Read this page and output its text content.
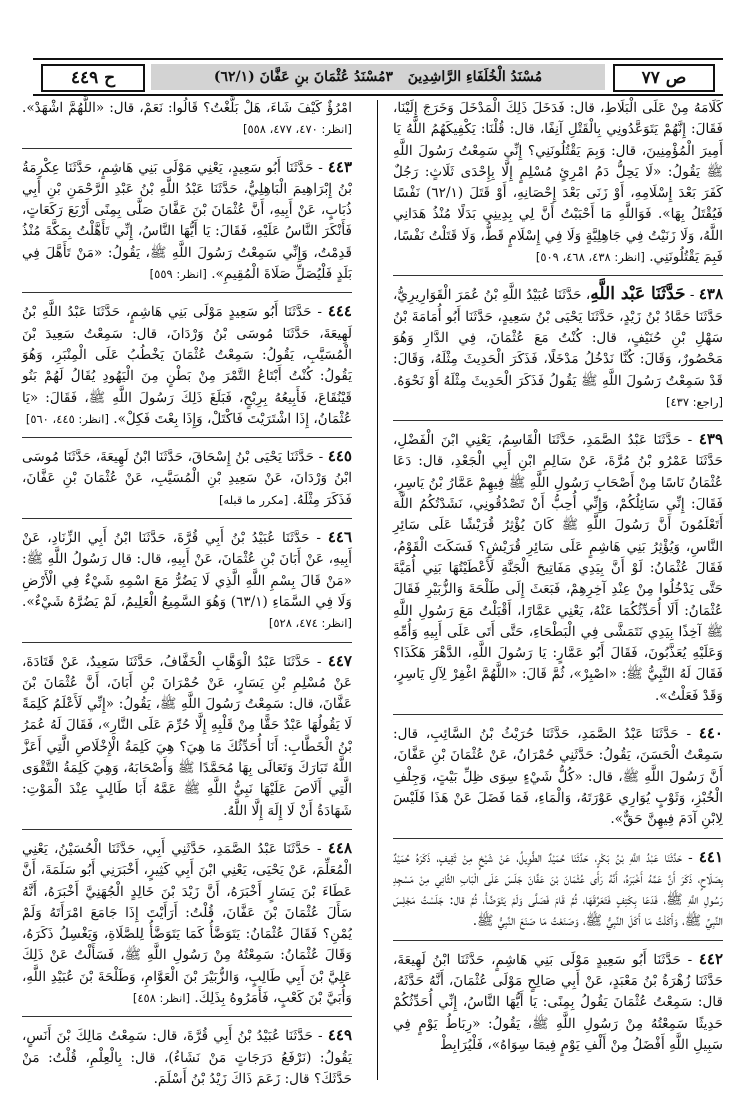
ص ٧٧
مُسْنَدُ الْخُلَفَاءِ الرَّاشِدِينَ   ٣مُسْنَدُ عُثْمَانَ بنِ عَفَّانَ (٦٢/١)
ح ٤٤٩
كَلَامَهُ مِنْ عَلَى الْبَلَاطِ، قال: فَدَخَلَ ذَلِكَ الْمَدْخَلَ وَخَرَجَ إِلَيْنَا، فَقَالَ: إِنَّهُمْ يَتَوَعَّدُونِي بِالْقَتْلِ آنِفًا، قال: قُلْنَا: يَكْفِيكَهُمُ اللَّهُ يَا أَمِيرَ الْمُؤْمِنِينَ، قال: وَبِمَ يَقْتُلُونَنِي؟ إِنِّي سَمِعْتُ رَسُولَ اللَّهِ ﷺ يَقُولُ: «لَا يَحِلُّ دَمُ امْرِئٍ مُسْلِمٍ إِلَّا بِإِحْدَى ثَلَاثٍ: رَجُلٌ كَفَرَ بَعْدَ إِسْلَامِهِ، أَوْ زَنَى بَعْدَ إِحْصَانِهِ، أَوْ قَتَلَ (٦٢/١) نَفْسًا فَيُقْتَلُ بِهَا». فَوَاللَّهِ مَا أَحْبَبْتُ أَنَّ لِي بِدِينِي بَدَلًا مُنْذُ هَدَانِي اللَّهُ، وَلَا زَنَيْتُ فِي جَاهِلِيَّةٍ وَلَا فِي إِسْلَامٍ قَطُّ، وَلَا قَتَلْتُ نَفْسًا، فَبِمَ يَقْتُلُونَنِي. [انظر: ٤٣٨، ٤٦٨، ٥٠٩]
٤٣٨ - حَدَّثَنَا عَبْد اللَّهِ، حَدَّثَنَا عُبَيْدُ اللَّهِ بْنُ عُمَرَ الْقَوَارِيرِيُّ، حَدَّثَنَا حَمَّادُ بْنُ زَيْدٍ، حَدَّثَنَا يَحْيَى بْنُ سَعِيدٍ، حَدَّثَنَا أَبُو أُمَامَةَ بْنُ سَهْلِ بْنِ حُنَيْفٍ، قال: كُنْتُ مَعَ عُثْمَانَ، فِي الدَّارِ وَهُوَ مَحْصُورٌ، وَقَالَ: كُنَّا نَدْخُلُ مَدْخَلًا، فَذَكَرَ الْحَدِيثَ مِثْلَهُ، وَقَالَ: قَدْ سَمِعْتُ رَسُولَ اللَّهِ ﷺ يَقُولُ فَذَكَرَ الْحَدِيثَ مِثْلَهُ أَوْ نَحْوَهُ. [راجع: ٤٣٧]
٤٣٩ - حَدَّثَنَا عَبْدُ الصَّمَدِ، حَدَّثَنَا الْقَاسِمُ، يَعْنِي ابْنَ الْفَضْلِ، حَدَّثَنَا عَمْرُو بْنُ مُرَّةَ، عَنْ سَالِمِ ابْنِ أَبِي الْجَعْدِ، قال: دَعَا عُثْمَانُ نَاسًا مِنْ أَصْحَابِ رَسُولِ اللَّهِ ﷺ فِيهِمْ عَمَّارُ بْنُ يَاسِرٍ، فَقَالَ: إِنِّي سَائِلُكُمْ، وَإِنِّي أُحِبُّ أَنْ تَصْدُقُونِي، نَشَدْتُكُمُ اللَّهَ أَتَعْلَمُونَ أَنَّ رَسُولَ اللَّهِ ﷺ كَانَ يُؤْثِرُ قُرَيْشًا عَلَى سَائِرِ النَّاسِ، وَيُؤْثِرُ بَنِي هَاشِمٍ عَلَى سَائِرِ قُرَيْشٍ؟ فَسَكَتَ الْقَوْمُ، فَقَالَ عُثْمَانُ: لَوْ أَنَّ بِيَدِي مَفَاتِيحَ الْجَنَّةِ لَأَعْطَيْتُهَا بَنِي أُمَيَّةَ حَتَّى يَدْخُلُوا مِنْ عِنْدِ آخِرِهِمْ، فَبَعَثَ إِلَى طَلْحَةَ وَالزُّبَيْرِ فَقَالَ عُثْمَانُ: أَلَا أُحَدِّثُكُمَا عَنْهُ، يَعْنِي عَمَّارًا، أَقْبَلْتُ مَعَ رَسُولِ اللَّهِ ﷺ آخِذًا بِيَدِي نَتَمَشَّى فِي الْبَطْحَاءِ، حَتَّى أَتَى عَلَى أَبِيهِ وَأُمِّهِ وَعَلَيْهِ يُعَذَّبُونَ، فَقَالَ أَبُو عَمَّارٍ: يَا رَسُولَ اللَّهِ، الدَّهْرَ هَكَذَا؟ فَقَالَ لَهُ النَّبِيُّ ﷺ: «اصْبِرْ»، ثُمَّ قَالَ: «اللَّهُمَّ اغْفِرْ لِآلِ يَاسِرٍ، وَقَدْ فَعَلْتُ».
٤٤٠ - حَدَّثَنَا عَبْدُ الصَّمَدِ، حَدَّثَنَا حُرَيْثُ بْنُ السَّائِبِ، قال: سَمِعْتُ الْحَسَنَ، يَقُولُ: حَدَّثَنِي حُمْرَانُ، عَنْ عُثْمَانَ بْنِ عَفَّانَ، أَنَّ رَسُولَ اللَّهِ ﷺ، قال: «كُلُّ شَيْءٍ سِوَى ظِلِّ بَيْتٍ، وَجِلْفِ الْخُبْزِ، وَثَوْبٍ يُوَارِي عَوْرَتَهُ، وَالْمَاءِ، فَمَا فَضَلَ عَنْ هَذَا فَلَيْسَ لِابْنِ آدَمَ فِيهِنَّ حَقٌّ».
٤٤١ - حَدَّثَنَا عَبْدُ اللَّهِ بْنُ بَكْرٍ، حَدَّثَنَا حُمَيْدٌ الطَّوِيلُ، عَنْ شَيْخٍ مِنْ ثَقِيفٍ، ذَكَرَهُ حُمَيْدٌ بِصَلَاحٍ، ذَكَرَ أَنَّ عَمَّهُ أَخْبَرَهُ، أَنَّهُ رَأَى عُثْمَانَ بْنَ عَفَّانَ جَلَسَ عَلَى الْبَابِ الثَّانِي مِنْ مَسْجِدِ رَسُولِ اللَّهِ ﷺ، فَدَعَا بِكَتِفٍ فَتَعَرَّقَهَا، ثُمَّ قَامَ فَصَلَّى وَلَمْ يَتَوَضَّأْ، ثُمَّ قال: جَلَسْتُ مَجْلِسَ النَّبِيِّ ﷺ، وَأَكَلْتُ مَا أَكَلَ النَّبِيُّ ﷺ، وَصَنَعْتُ مَا صَنَعَ النَّبِيُّ ﷺ.
٤٤٢ - حَدَّثَنَا أَبُو سَعِيدٍ مَوْلَى بَنِي هَاشِمٍ، حَدَّثَنَا ابْنُ لَهِيعَةَ، حَدَّثَنَا زُهْرَةُ بْنُ مَعْبَدٍ، عَنْ أَبِي صَالِحٍ مَوْلَى عُثْمَانَ، أَنَّهُ حَدَّثَهُ، قال: سَمِعْتُ عُثْمَانَ يَقُولُ بِمِنًى: يَا أَيُّهَا النَّاسُ، إِنِّي أُحَدِّثُكُمْ حَدِيثًا سَمِعْتُهُ مِنْ رَسُولِ اللَّهِ ﷺ، يَقُولُ: «رِبَاطُ يَوْمٍ فِي سَبِيلِ اللَّهِ أَفْضَلُ مِنْ أَلْفِ يَوْمٍ فِيمَا سِوَاهُ»، فَلْيُرَابِطْ
امْرُؤٌ كَيْفَ شَاءَ، هَلْ بَلَّغْتُ؟ قَالُوا: نَعَمْ، قال: «اللَّهُمَّ اشْهَدْ». [انظر: ٤٧٠، ٤٧٧، ٥٥٨]
٤٤٣ - حَدَّثَنَا أَبُو سَعِيدٍ، يَعْنِي مَوْلَى بَنِي هَاشِمٍ، حَدَّثَنَا عِكْرِمَةُ بْنُ إِبْرَاهِيمَ الْبَاهِلِيُّ، حَدَّثَنَا عَبْدُ اللَّهِ بْنُ عَبْدِ الرَّحْمَنِ بْنِ أَبِي ذُبَابٍ، عَنْ أَبِيهِ، أَنَّ عُثْمَانَ بْنَ عَفَّانَ صَلَّى بِمِنًى أَرْبَعَ رَكَعَاتٍ، فَأَنْكَرَ النَّاسُ عَلَيْهِ، فَقَالَ: يَا أَيُّهَا النَّاسُ، إِنِّي تَأَهَّلْتُ بِمَكَّةَ مُنْذُ قَدِمْتُ، وَإِنِّي سَمِعْتُ رَسُولَ اللَّهِ ﷺ، يَقُولُ: «مَنْ تَأَهَّلَ فِي بَلَدٍ فَلْيُصَلِّ صَلَاةَ الْمُقِيمِ». [انظر: ٥٥٩]
٤٤٤ - حَدَّثَنَا أَبُو سَعِيدٍ مَوْلَى بَنِي هَاشِمٍ، حَدَّثَنَا عَبْدُ اللَّهِ بْنُ لَهِيعَةَ، حَدَّثَنَا مُوسَى بْنُ وَرْدَانَ، قال: سَمِعْتُ سَعِيدَ بْنَ الْمُسَيَّبِ، يَقُولُ: سَمِعْتُ عُثْمَانَ يَخْطُبُ عَلَى الْمِنْبَرِ، وَهُوَ يَقُولُ: كُنْتُ أَبْتَاعُ التَّمْرَ مِنْ بَطْنٍ مِنَ الْيَهُودِ يُقَالُ لَهُمْ بَنُو قَيْنُقَاعَ، فَأَبِيعُهُ بِرِبْحٍ، فَبَلَغَ ذَلِكَ رَسُولَ اللَّهِ ﷺ، فَقَالَ: «يَا عُثْمَانُ، إِذَا اشْتَرَيْتَ فَاكْتَلْ، وَإِذَا بِعْتَ فَكِلْ». [انظر: ٤٤٥، ٥٦٠]
٤٤٥ - حَدَّثَنَا يَحْيَى بْنُ إِسْحَاقَ، حَدَّثَنَا ابْنُ لَهِيعَةَ، حَدَّثَنَا مُوسَى ابْنُ وَرْدَانَ، عَنْ سَعِيدِ بْنِ الْمُسَيَّبِ، عَنْ عُثْمَانَ بْنِ عَفَّانَ، فَذَكَرَ مِثْلَهُ. [مكرر ما قبله]
٤٤٦ - حَدَّثَنَا عُبَيْدُ بْنُ أَبِي قُرَّةَ، حَدَّثَنَا ابْنُ أَبِي الزِّنَادِ، عَنْ أَبِيهِ، عَنْ أَبَانَ بْنِ عُثْمَانَ، عَنْ أَبِيهِ، قال: قال رَسُولُ اللَّهِ ﷺ: «مَنْ قَالَ بِسْمِ اللَّهِ الَّذِي لَا يَضُرُّ مَعَ اسْمِهِ شَيْءٌ فِي الْأَرْضِ وَلَا فِي السَّمَاءِ (٦٣/١) وَهُوَ السَّمِيعُ الْعَلِيمُ، لَمْ يَضُرَّهُ شَيْءٌ». [انظر: ٤٧٤، ٥٢٨]
٤٤٧ - حَدَّثَنَا عَبْدُ الْوَهَّابِ الْخَفَّافُ، حَدَّثَنَا سَعِيدٌ، عَنْ قَتَادَةَ، عَنْ مُسْلِمِ بْنِ يَسَارٍ، عَنْ حُمْرَانَ بْنِ أَبَانَ، أَنَّ عُثْمَانَ بْنَ عَفَّانَ، قال: سَمِعْتُ رَسُولَ اللَّهِ ﷺ، يَقُولُ: «إِنِّي لَأَعْلَمُ كَلِمَةً لَا يَقُولُهَا عَبْدٌ حَقًّا مِنْ قَلْبِهِ إِلَّا حُرِّمَ عَلَى النَّارِ»، فَقَالَ لَهُ عُمَرُ بْنُ الْخَطَّابِ: أَنَا أُحَدِّثُكَ مَا هِيَ؟ هِيَ كَلِمَةُ الْإِخْلَاصِ الَّتِي أَعَزَّ اللَّهُ تَبَارَكَ وَتَعَالَى بِهَا مُحَمَّدًا ﷺ وَأَصْحَابَهُ، وَهِيَ كَلِمَةُ التَّقْوَى الَّتِي أَلَاصَ عَلَيْهَا نَبِيُّ اللَّهِ ﷺ عَمَّهُ أَبَا طَالِبٍ عِنْدَ الْمَوْتِ: شَهَادَةُ أَنْ لَا إِلَهَ إِلَّا اللَّهُ.
٤٤٨ - حَدَّثَنَا عَبْدُ الصَّمَدِ، حَدَّثَنِي أَبِي، حَدَّثَنَا الْحُسَيْنُ، يَعْنِي الْمُعَلِّمَ، عَنْ يَحْيَى، يَعْنِي ابْنَ أَبِي كَثِيرٍ، أَخْبَرَنِي أَبُو سَلَمَةَ، أَنَّ عَطَاءَ بْنَ يَسَارٍ أَخْبَرَهُ، أَنَّ زَيْدَ بْنَ خَالِدٍ الْجُهَنِيَّ أَخْبَرَهُ، أَنَّهُ سَأَلَ عُثْمَانَ بْنَ عَفَّانَ، قُلْتُ: أَرَأَيْتَ إِذَا جَامَعَ امْرَأَتَهُ وَلَمْ يُمْنِ؟ فَقَالَ عُثْمَانُ: يَتَوَضَّأُ كَمَا يَتَوَضَّأُ لِلصَّلَاةِ، وَيَغْسِلُ ذَكَرَهُ، وَقَالَ عُثْمَانُ: سَمِعْتُهُ مِنْ رَسُولِ اللَّهِ ﷺ، فَسَأَلْتُ عَنْ ذَلِكَ عَلِيَّ بْنَ أَبِي طَالِبٍ، وَالزُّبَيْرَ بْنَ الْعَوَّامِ، وَطَلْحَةَ بْنَ عُبَيْدِ اللَّهِ، وَأُبَيَّ بْنَ كَعْبٍ، فَأَمَرُوهُ بِذَلِكَ. [انظر: ٤٥٨]
٤٤٩ - حَدَّثَنَا عُبَيْدُ بْنُ أَبِي قُرَّةَ، قال: سَمِعْتُ مَالِكَ بْنَ أَنَسٍ، يَقُولُ: (نَرْفَعُ دَرَجَاتٍ مَنْ نَشَاءُ)، قال: بِالْعِلْمِ، قُلْتُ: مَنْ حَدَّثَكَ؟ قال: زَعَمَ ذَاكَ زَيْدُ بْنُ أَسْلَمَ.
